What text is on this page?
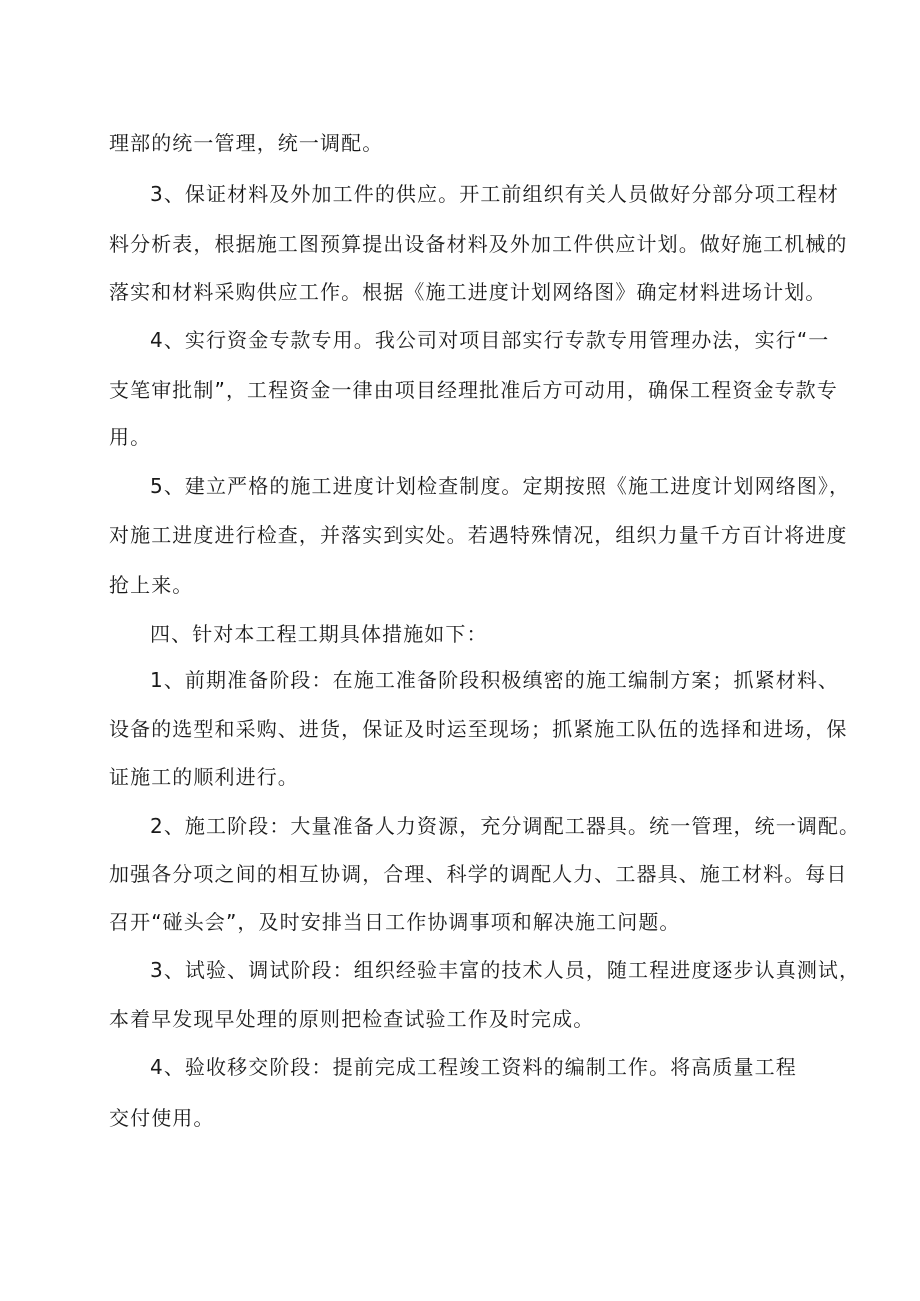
理部的统一管理，统一调配。
3、保证材料及外加工件的供应。开工前组织有关人员做好分部分项工程材
料分析表，根据施工图预算提出设备材料及外加工件供应计划。做好施工机械的
落实和材料采购供应工作。根据《施工进度计划网络图》确定材料进场计划。
4、实行资金专款专用。我公司对项目部实行专款专用管理办法，实行“一
支笔审批制”，工程资金一律由项目经理批准后方可动用，确保工程资金专款专
用。
5、建立严格的施工进度计划检查制度。定期按照《施工进度计划网络图》，
对施工进度进行检查，并落实到实处。若遇特殊情况，组织力量千方百计将进度
抢上来。
四、针对本工程工期具体措施如下：
1、前期准备阶段：在施工准备阶段积极缜密的施工编制方案；抓紧材料、
设备的选型和采购、进货，保证及时运至现场；抓紧施工队伍的选择和进场，保
证施工的顺利进行。
2、施工阶段：大量准备人力资源，充分调配工器具。统一管理，统一调配。
加强各分项之间的相互协调，合理、科学的调配人力、工器具、施工材料。每日
召开“碰头会”，及时安排当日工作协调事项和解决施工问题。
3、试验、调试阶段：组织经验丰富的技术人员，随工程进度逐步认真测试，
本着早发现早处理的原则把检查试验工作及时完成。
4、验收移交阶段：提前完成工程竣工资料的编制工作。将高质量工程
交付使用。
